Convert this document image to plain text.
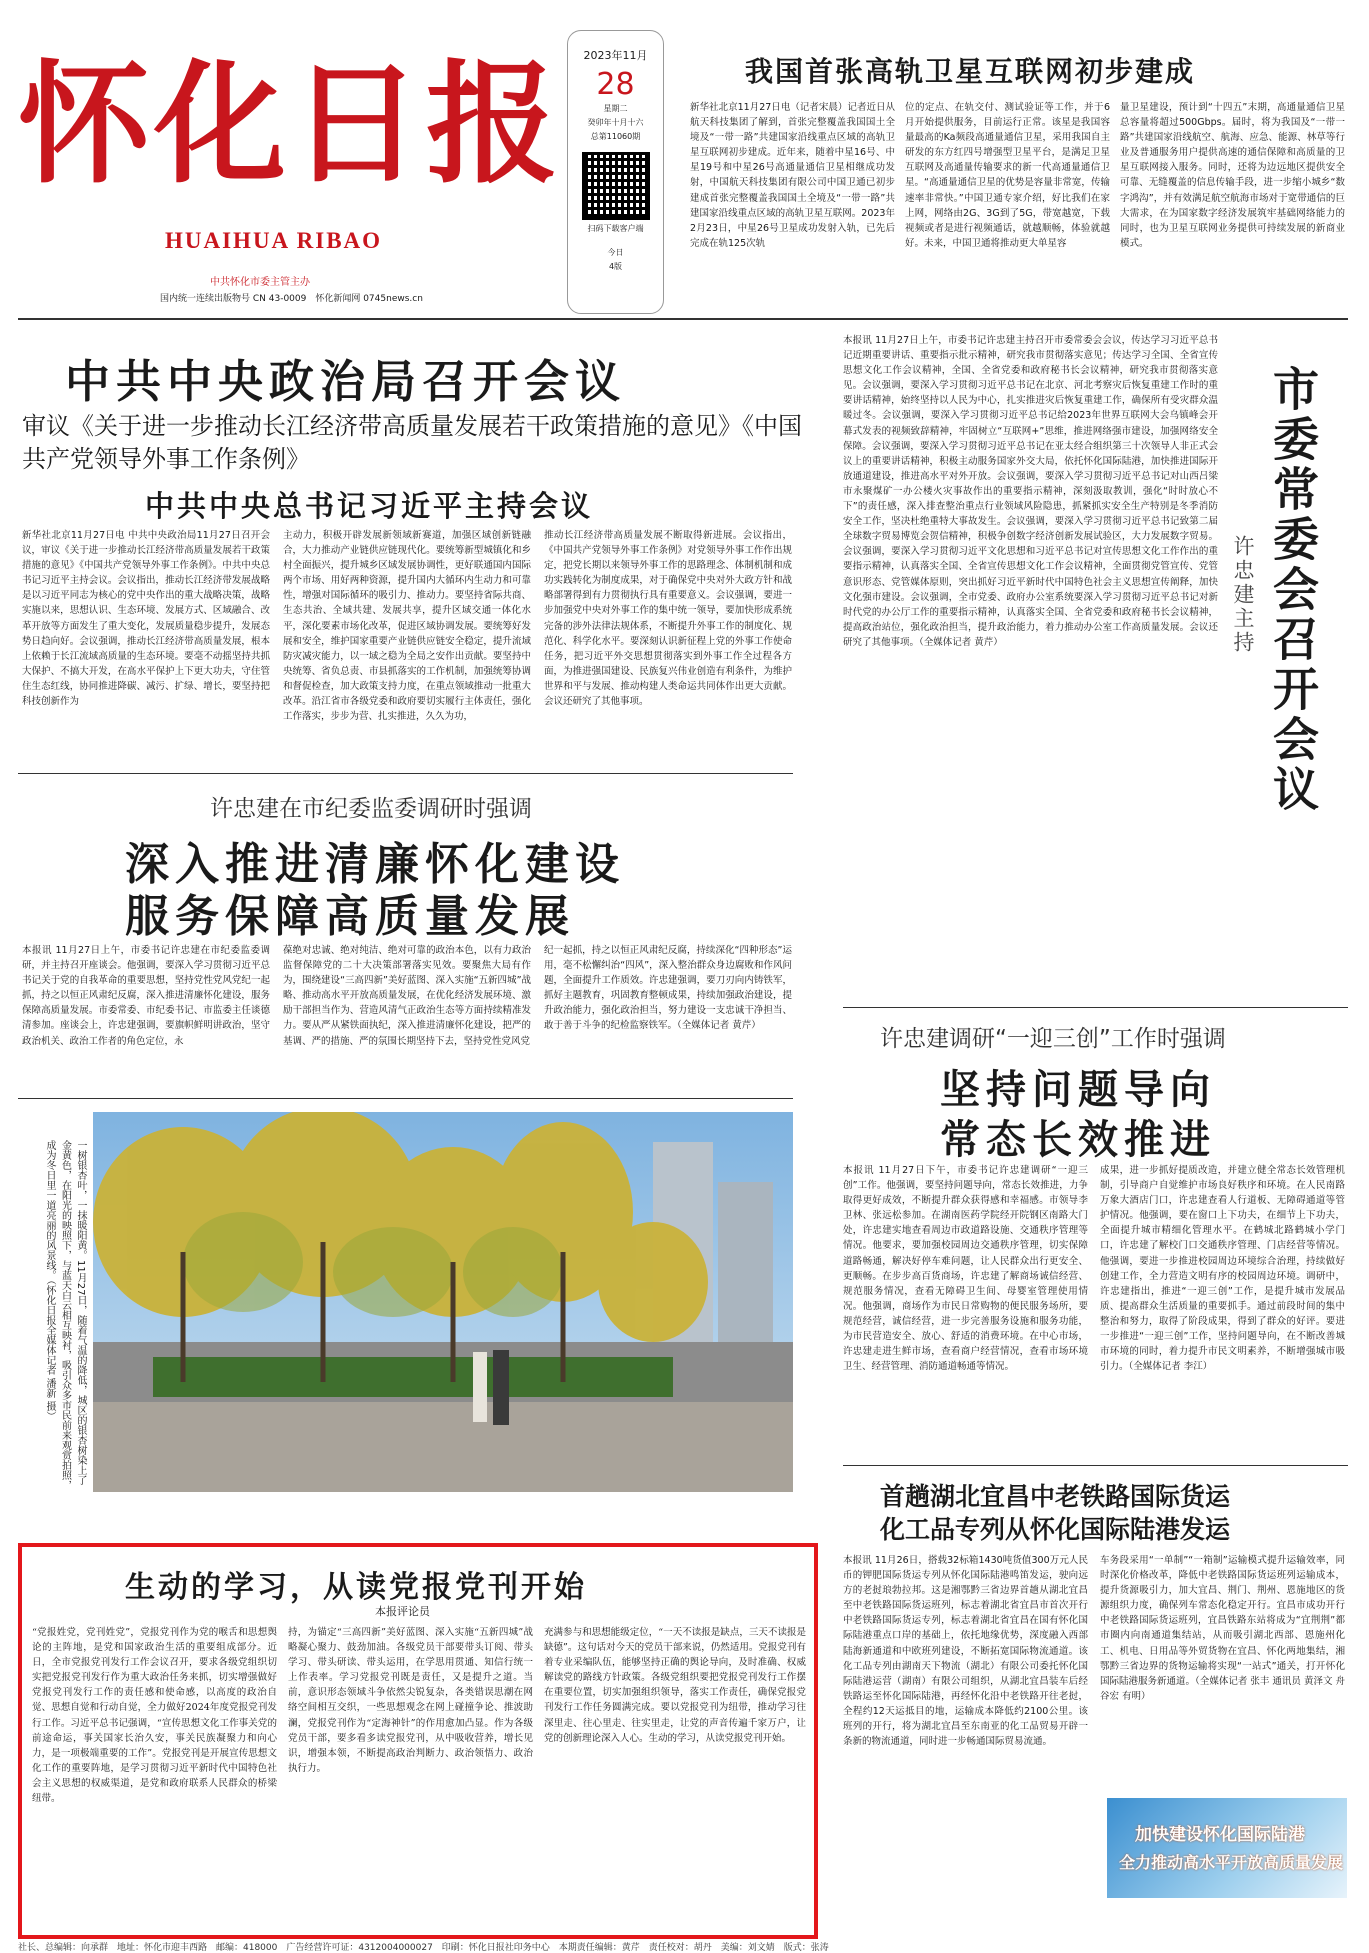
怀化日报
HUAIHUA RIBAO
中共怀化市委主管主办
国内统一连续出版物号 CN 43-0009　怀化新闻网 0745news.cn
2023年11月
28
星期二
癸卯年十月十六
总第11060期
扫码下载客户端
今日
4版
我国首张高轨卫星互联网初步建成
新华社北京11月27日电（记者宋晨）记者近日从航天科技集团了解到，首张完整覆盖我国国土全境及“一带一路”共建国家沿线重点区域的高轨卫星互联网初步建成。近年来，随着中星16号、中星19号和中星26号高通量通信卫星相继成功发射，中国航天科技集团有限公司中国卫通已初步建成首张完整覆盖我国国土全境及“一带一路”共建国家沿线重点区域的高轨卫星互联网。2023年2月23日，中星26号卫星成功发射入轨，已先后完成在轨125次轨
位的定点、在轨交付、测试验证等工作，并于6月开始提供服务，目前运行正常。该星是我国容量最高的Ka频段高通量通信卫星，采用我国自主研发的东方红四号增强型卫星平台，是满足卫星互联网及高通量传输要求的新一代高通量通信卫星。“高通量通信卫星的优势是容量非常宽，传输速率非常快。”中国卫通专家介绍，好比我们在家上网，网络由2G、3G到了5G，带宽越宽，下载视频或者是进行视频通话，就越顺畅，体验就越好。未来，中国卫通将推动更大单星容
量卫星建设，预计到“十四五”末期，高通量通信卫星总容量将超过500Gbps。届时，将为我国及“一带一路”共建国家沿线航空、航海、应急、能源、林草等行业及普通服务用户提供高速的通信保障和高质量的卫星互联网接入服务。同时，还将为边远地区提供安全可靠、无缝覆盖的信息传输手段，进一步缩小城乡“数字鸿沟”，并有效满足航空航海市场对于宽带通信的巨大需求，在为国家数字经济发展筑牢基础网络能力的同时，也为卫星互联网业务提供可持续发展的新商业模式。
中共中央政治局召开会议
审议《关于进一步推动长江经济带高质量发展若干政策措施的意见》《中国共产党领导外事工作条例》
中共中央总书记习近平主持会议
新华社北京11月27日电 中共中央政治局11月27日召开会议，审议《关于进一步推动长江经济带高质量发展若干政策措施的意见》《中国共产党领导外事工作条例》。中共中央总书记习近平主持会议。会议指出，推动长江经济带发展战略是以习近平同志为核心的党中央作出的重大战略决策，战略实施以来，思想认识、生态环境、发展方式、区域融合、改革开放等方面发生了重大变化，发展质量稳步提升，发展态势日趋向好。会议强调，推动长江经济带高质量发展，根本上依赖于长江流域高质量的生态环境。要毫不动摇坚持共抓大保护、不搞大开发，在高水平保护上下更大功夫，守住管住生态红线，协同推进降碳、减污、扩绿、增长，要坚持把科技创新作为
主动力，积极开辟发展新领域新赛道，加强区域创新链融合，大力推动产业链供应链现代化。要统筹新型城镇化和乡村全面振兴，提升城乡区域发展协调性，更好联通国内国际两个市场、用好两种资源，提升国内大循环内生动力和可靠性，增强对国际循环的吸引力、推动力。要坚持省际共商、生态共治、全域共建、发展共享，提升区域交通一体化水平，深化要素市场化改革，促进区域协调发展。要统筹好发展和安全，维护国家重要产业链供应链安全稳定，提升流域防灾减灾能力，以一域之稳为全局之安作出贡献。要坚持中央统筹、省负总责、市县抓落实的工作机制，加强统筹协调和督促检查，加大政策支持力度，在重点领域推动一批重大改革。沿江省市各级党委和政府要切实履行主体责任，强化工作落实，步步为营、扎实推进，久久为功，
推动长江经济带高质量发展不断取得新进展。会议指出，《中国共产党领导外事工作条例》对党领导外事工作作出规定，把党长期以来领导外事工作的思路理念、体制机制和成功实践转化为制度成果，对于确保党中央对外大政方针和战略部署得到有力贯彻执行具有重要意义。会议强调，要进一步加强党中央对外事工作的集中统一领导，要加快形成系统完备的涉外法律法规体系，不断提升外事工作的制度化、规范化、科学化水平。要深刻认识新征程上党的外事工作使命任务，把习近平外交思想贯彻落实到外事工作全过程各方面，为推进强国建设、民族复兴伟业创造有利条件，为维护世界和平与发展、推动构建人类命运共同体作出更大贡献。会议还研究了其他事项。
许忠建在市纪委监委调研时强调
深入推进清廉怀化建设
服务保障高质量发展
本报讯 11月27日上午，市委书记许忠建在市纪委监委调研，并主持召开座谈会。他强调，要深入学习贯彻习近平总书记关于党的自我革命的重要思想，坚持党性党风党纪一起抓，持之以恒正风肃纪反腐，深入推进清廉怀化建设，服务保障高质量发展。市委常委、市纪委书记、市监委主任谈德清参加。座谈会上，许忠建强调，要旗帜鲜明讲政治，坚守政治机关、政治工作者的角色定位，永
葆绝对忠诚、绝对纯洁、绝对可靠的政治本色，以有力政治监督保障党的二十大决策部署落实见效。要聚焦大局有作为，围绕建设“三高四新”美好蓝图、深入实施“五新四城”战略、推动高水平开放高质量发展，在优化经济发展环境、激励干部担当作为、营造风清气正政治生态等方面持续精准发力。要从严从紧铁面执纪，深入推进清廉怀化建设，把严的基调、严的措施、严的氛围长期坚持下去，坚持党性党风党
纪一起抓，持之以恒正风肃纪反腐，持续深化“四种形态”运用，毫不松懈纠治“四风”，深入整治群众身边腐败和作风问题，全面提升工作质效。许忠建强调，要刀刃向内铸铁军，抓好主题教育，巩固教育整顿成果，持续加强政治建设，提升政治能力，强化政治担当，努力建设一支忠诚干净担当、敢于善于斗争的纪检监察铁军。（全媒体记者 黄芹）
一树银杏叶，一抹暖阳黄。11月27日，随着气温的降低，城区的银杏树染上了金黄色，在阳光的映照下，与蓝天白云相互映衬，吸引众多市民前来观赏拍照，成为冬日里一道亮丽的风景线。（怀化日报全媒体记者 潘新 摄）
本报讯 11月27日上午，市委书记许忠建主持召开市委常委会会议，传达学习习近平总书记近期重要讲话、重要指示批示精神，研究我市贯彻落实意见；传达学习全国、全省宣传思想文化工作会议精神，全国、全省党委和政府秘书长会议精神，研究我市贯彻落实意见。会议强调，要深入学习贯彻习近平总书记在北京、河北考察灾后恢复重建工作时的重要讲话精神，始终坚持以人民为中心，扎实推进灾后恢复重建工作，确保所有受灾群众温暖过冬。会议强调，要深入学习贯彻习近平总书记给2023年世界互联网大会乌镇峰会开幕式发表的视频致辞精神，牢固树立“互联网+”思维，推进网络强市建设，加强网络安全保障。会议强调，要深入学习贯彻习近平总书记在亚太经合组织第三十次领导人非正式会议上的重要讲话精神，积极主动服务国家外交大局，依托怀化国际陆港，加快推进国际开放通道建设，推进高水平对外开放。会议强调，要深入学习贯彻习近平总书记对山西吕梁市永聚煤矿一办公楼火灾事故作出的重要指示精神，深刻汲取教训，强化“时时放心不下”的责任感，深入排查整治重点行业领域风险隐患，抓紧抓实安全生产特别是冬季消防安全工作，坚决杜绝重特大事故发生。会议强调，要深入学习贯彻习近平总书记致第二届全球数字贸易博览会贺信精神，积极争创数字经济创新发展试验区，大力发展数字贸易。会议强调，要深入学习贯彻习近平文化思想和习近平总书记对宣传思想文化工作作出的重要指示精神，认真落实全国、全省宣传思想文化工作会议精神，全面贯彻党管宣传、党管意识形态、党管媒体原则，突出抓好习近平新时代中国特色社会主义思想宣传阐释，加快文化强市建设。会议强调，全市党委、政府办公室系统要深入学习贯彻习近平总书记对新时代党的办公厅工作的重要指示精神，认真落实全国、全省党委和政府秘书长会议精神，提高政治站位，强化政治担当，提升政治能力，着力推动办公室工作高质量发展。会议还研究了其他事项。（全媒体记者 黄芹）	市委常委会召开会议
许忠建主持
许忠建调研“一迎三创”工作时强调
坚持问题导向
常态长效推进
本报讯 11月27日下午，市委书记许忠建调研“一迎三创”工作。他强调，要坚持问题导向，常态长效推进，力争取得更好成效，不断提升群众获得感和幸福感。市领导李卫林、张远松参加。在湖南医药学院经开院钢区南路大门处，许忠建实地查看周边市政道路设施、交通秩序管理等情况。他要求，要加强校园周边交通秩序管理，切实保障道路畅通，解决好停车难问题，让人民群众出行更安全、更顺畅。在步步高百货商场，许忠建了解商场诚信经营、规范服务情况，查看无障碍卫生间、母婴室管理使用情况。他强调，商场作为市民日常购物的便民服务场所，要规范经营，诚信经营，进一步完善服务设施和服务功能，为市民营造安全、放心、舒适的消费环境。在中心市场，许忠建走进生鲜市场，查看商户经营情况，查看市场环境卫生、经营管理、消防通道畅通等情况。
成果，进一步抓好提质改造，并建立健全常态长效管理机制，引导商户自觉维护市场良好秩序和环境。在人民南路万象大酒店门口，许忠建查看人行道板、无障碍通道等管护情况。他强调，要在窗口上下功夫，在细节上下功夫，全面提升城市精细化管理水平。在鹤城北路鹤城小学门口，许忠建了解校门口交通秩序管理、门店经营等情况。他强调，要进一步推进校园周边环境综合治理，持续做好创建工作，全力营造文明有序的校园周边环境。调研中，许忠建指出，推进“一迎三创”工作，是提升城市发展品质、提高群众生活质量的重要抓手。通过前段时间的集中整治和努力，取得了阶段成果，得到了群众的好评。要进一步推进“一迎三创”工作，坚持问题导向，在不断改善城市环境的同时，着力提升市民文明素养，不断增强城市吸引力。（全媒体记者 李江）
首趟湖北宜昌中老铁路国际货运
化工品专列从怀化国际陆港发运
本报讯 11月26日，搭载32标箱1430吨货值300万元人民币的钾肥国际货运专列从怀化国际陆港鸣笛发运，驶向远方的老挝琅勃拉邦。这是湘鄂黔三省边界首趟从湖北宜昌至中老铁路国际货运班列，标志着湖北省宜昌市首次开行中老铁路国际货运专列，标志着湖北省宜昌在国有怀化国际陆港重点口岸的基础上，依托地缘优势，深度融入西部陆海新通道和中欧班列建设，不断拓宽国际物流通道。该化工品专列由湖南天下物流（湖北）有限公司委托怀化国际陆港运营（湖南）有限公司组织，从湖北宜昌装车后经铁路运至怀化国际陆港，再经怀化沿中老铁路开往老挝，全程约12天运抵目的地，运输成本降低约2100公里。该班列的开行，将为湖北宜昌至东南亚的化工品贸易开辟一条新的物流通道，同时进一步畅通国际贸易流通。
车务段采用“一单制”“一箱制”运输模式提升运输效率，同时深化价格改革，降低中老铁路国际货运班列运输成本，提升货源吸引力，加大宜昌、荆门、荆州、恩施地区的货源组织力度，确保列车常态化稳定开行。宜昌市成功开行中老铁路国际货运班列，宜昌铁路东站将成为“宜荆荆”都市圈内向南通道集结站，从而吸引湖北西部、恩施州化工、机电、日用品等外贸货物在宜昌、怀化两地集结，湘鄂黔三省边界的货物运输将实现“一站式”通关，打开怀化国际陆港服务新通道。（全媒体记者 张丰 通讯员 黄泽文 舟 谷宏 有明）
加快建设怀化国际陆港
全力推动高水平开放高质量发展
生动的学习，从读党报党刊开始
本报评论员
“党报姓党，党刊姓党”，党报党刊作为党的喉舌和思想舆论的主阵地，是党和国家政治生活的重要组成部分。近日，全市党报党刊发行工作会议召开，要求各级党组织切实把党报党刊发行作为重大政治任务来抓，切实增强做好党报党刊发行工作的责任感和使命感，以高度的政治自觉、思想自觉和行动自觉，全力做好2024年度党报党刊发行工作。习近平总书记强调，“宣传思想文化工作事关党的前途命运，事关国家长治久安，事关民族凝聚力和向心力，是一项极端重要的工作”。党报党刊是开展宣传思想文化工作的重要阵地，是学习贯彻习近平新时代中国特色社会主义思想的权威渠道，是党和政府联系人民群众的桥梁纽带。
持，为锚定“三高四新”美好蓝图、深入实施“五新四城”战略凝心聚力、鼓劲加油。各级党员干部要带头订阅、带头学习、带头研读、带头运用，在学思用贯通、知信行统一上作表率。学习党报党刊既是责任，又是提升之道。当前，意识形态领域斗争依然尖锐复杂，各类错误思潮在网络空间相互交织，一些思想观念在网上碰撞争论、推波助澜，党报党刊作为“定海神针”的作用愈加凸显。作为各级党员干部，要多看多读党报党刊，从中吸收营养，增长见识，增强本领，不断提高政治判断力、政治领悟力、政治执行力。
充满参与和思想能级定位，“一天不读报是缺点，三天不读报是缺德”。这句话对今天的党员干部来说，仍然适用。党报党刊有着专业采编队伍，能够坚持正确的舆论导向，及时准确、权威解读党的路线方针政策。各级党组织要把党报党刊发行工作摆在重要位置，切实加强组织领导，落实工作责任，确保党报党刊发行工作任务圆满完成。要以党报党刊为纽带，推动学习往深里走、往心里走、往实里走，让党的声音传遍千家万户，让党的创新理论深入人心。生动的学习，从读党报党刊开始。
社长、总编辑：向承群　地址：怀化市迎丰西路　邮编：418000　广告经营许可证：4312004000027　印刷：怀化日报社印务中心　本期责任编辑：黄芹　责任校对：胡丹　美编：刘文婧　版式：张涛
